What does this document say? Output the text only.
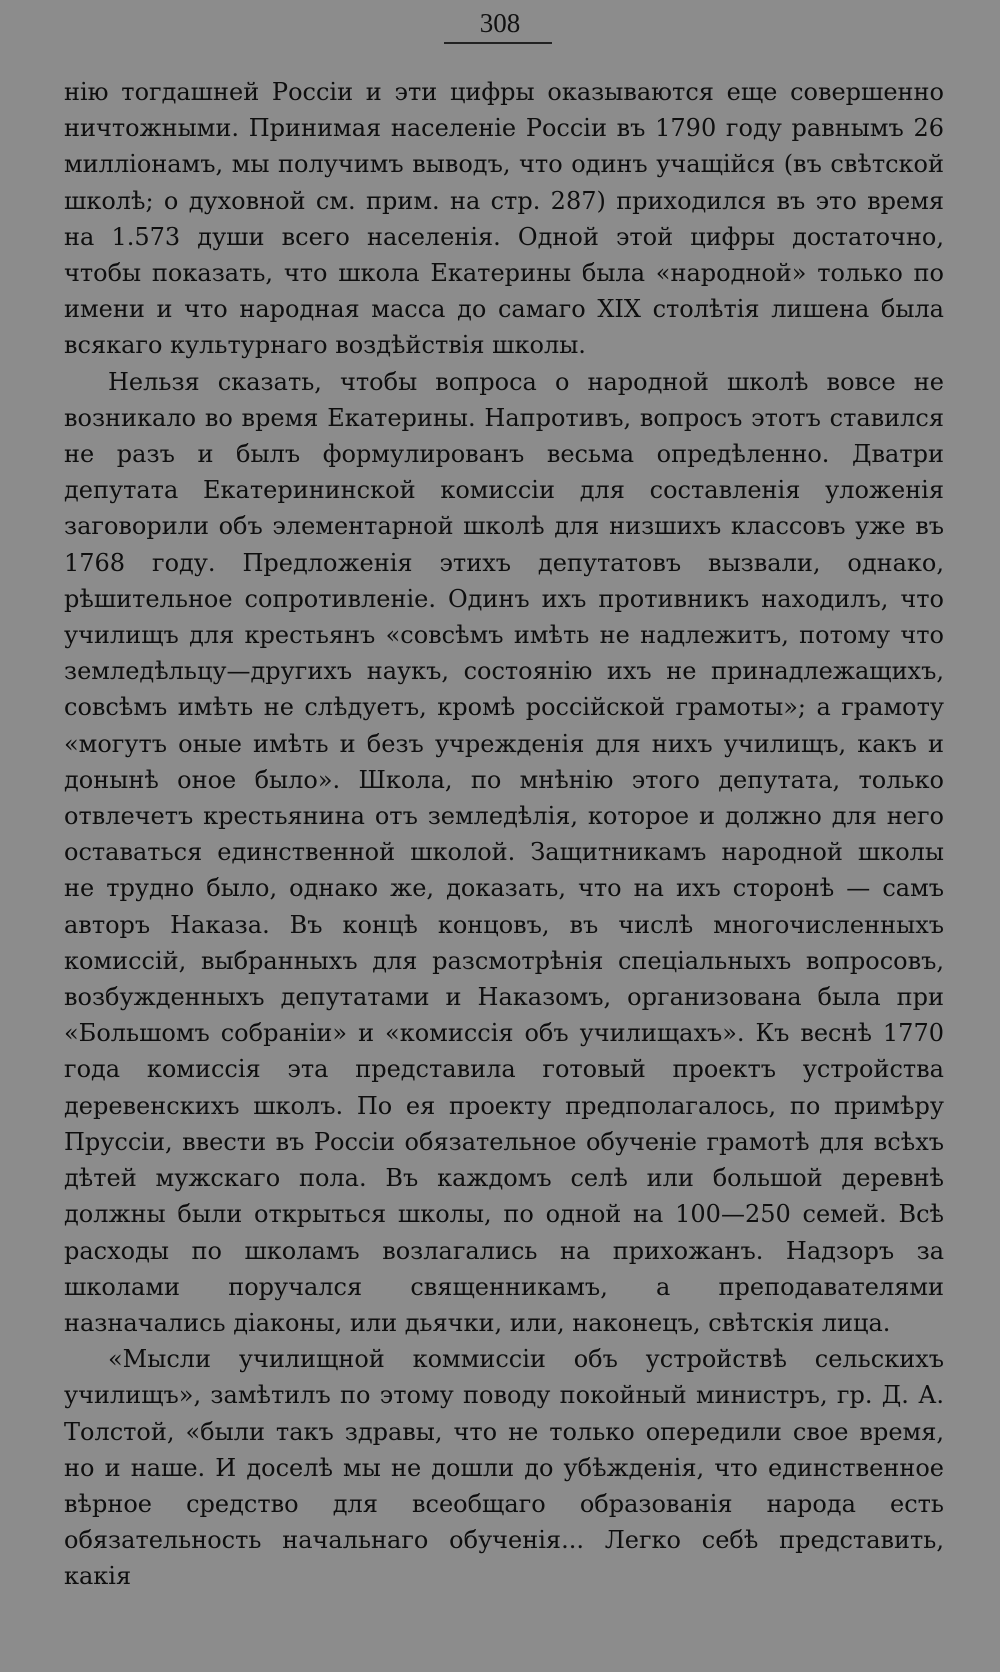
308

нію тогдашней Россіи и эти цифры оказываются еще совершенно ничтожными. Принимая населеніе Россіи въ 1790 году равнымъ 26 милліонамъ, мы получимъ выводъ, что одинъ учащійся (въ свѣтской школѣ; о духовной см. прим. на стр. 287) приходился въ это время на 1.573 души всего населенія. Одной этой цифры достаточно, чтобы показать, что школа Екатерины была «народной» только по имени и что народная масса до самаго XIX столѣтія лишена была всякаго культурнаго воздѣйствія школы.

Нельзя сказать, чтобы вопроса о народной школѣ вовсе не возникало во время Екатерины. Напротивъ, вопросъ этотъ ставился не разъ и былъ формулированъ весьма опредѣленно. Дватри депутата Екатерининской комиссіи для составленія уложенія заговорили объ элементарной школѣ для низшихъ классовъ уже въ 1768 году. Предложенія этихъ депутатовъ вызвали, однако, рѣшительное сопротивленіе. Одинъ ихъ противникъ находилъ, что училищъ для крестьянъ «совсѣмъ имѣть не надлежитъ, потому что земледѣльцу—другихъ наукъ, состоянію ихъ не принадлежащихъ, совсѣмъ имѣть не слѣдуетъ, кромѣ россійской грамоты»; а грамоту «могутъ оные имѣть и безъ учрежденія для нихъ училищъ, какъ и донынѣ оное было». Школа, по мнѣнію этого депутата, только отвлечетъ крестьянина отъ земледѣлія, которое и должно для него оставаться единственной школой. Защитникамъ народной школы не трудно было, однако же, доказать, что на ихъ сторонѣ — самъ авторъ Наказа. Въ концѣ концовъ, въ числѣ многочисленныхъ комиссій, выбранныхъ для разсмотрѣнія спеціальныхъ вопросовъ, возбужденныхъ депутатами и Наказомъ, организована была при «Большомъ собраніи» и «комиссія объ училищахъ». Къ веснѣ 1770 года комиссія эта представила готовый проектъ устройства деревенскихъ школъ. По ея проекту предполагалось, по примѣру Пруссіи, ввести въ Россіи обязательное обученіе грамотѣ для всѣхъ дѣтей мужскаго пола. Въ каждомъ селѣ или большой деревнѣ должны были открыться школы, по одной на 100—250 семей. Всѣ расходы по школамъ возлагались на прихожанъ. Надзоръ за школами поручался священникамъ, а преподавателями назначались діаконы, или дьячки, или, наконецъ, свѣтскія лица.

«Мысли училищной коммиссіи объ устройствѣ сельскихъ училищъ», замѣтилъ по этому поводу покойный министръ, гр. Д. А. Толстой, «были такъ здравы, что не только опередили свое время, но и наше. И доселѣ мы не дошли до убѣжденія, что единственное вѣрное средство для всеобщаго образованія народа есть обязательность начальнаго обученія... Легко себѣ представить, какія
